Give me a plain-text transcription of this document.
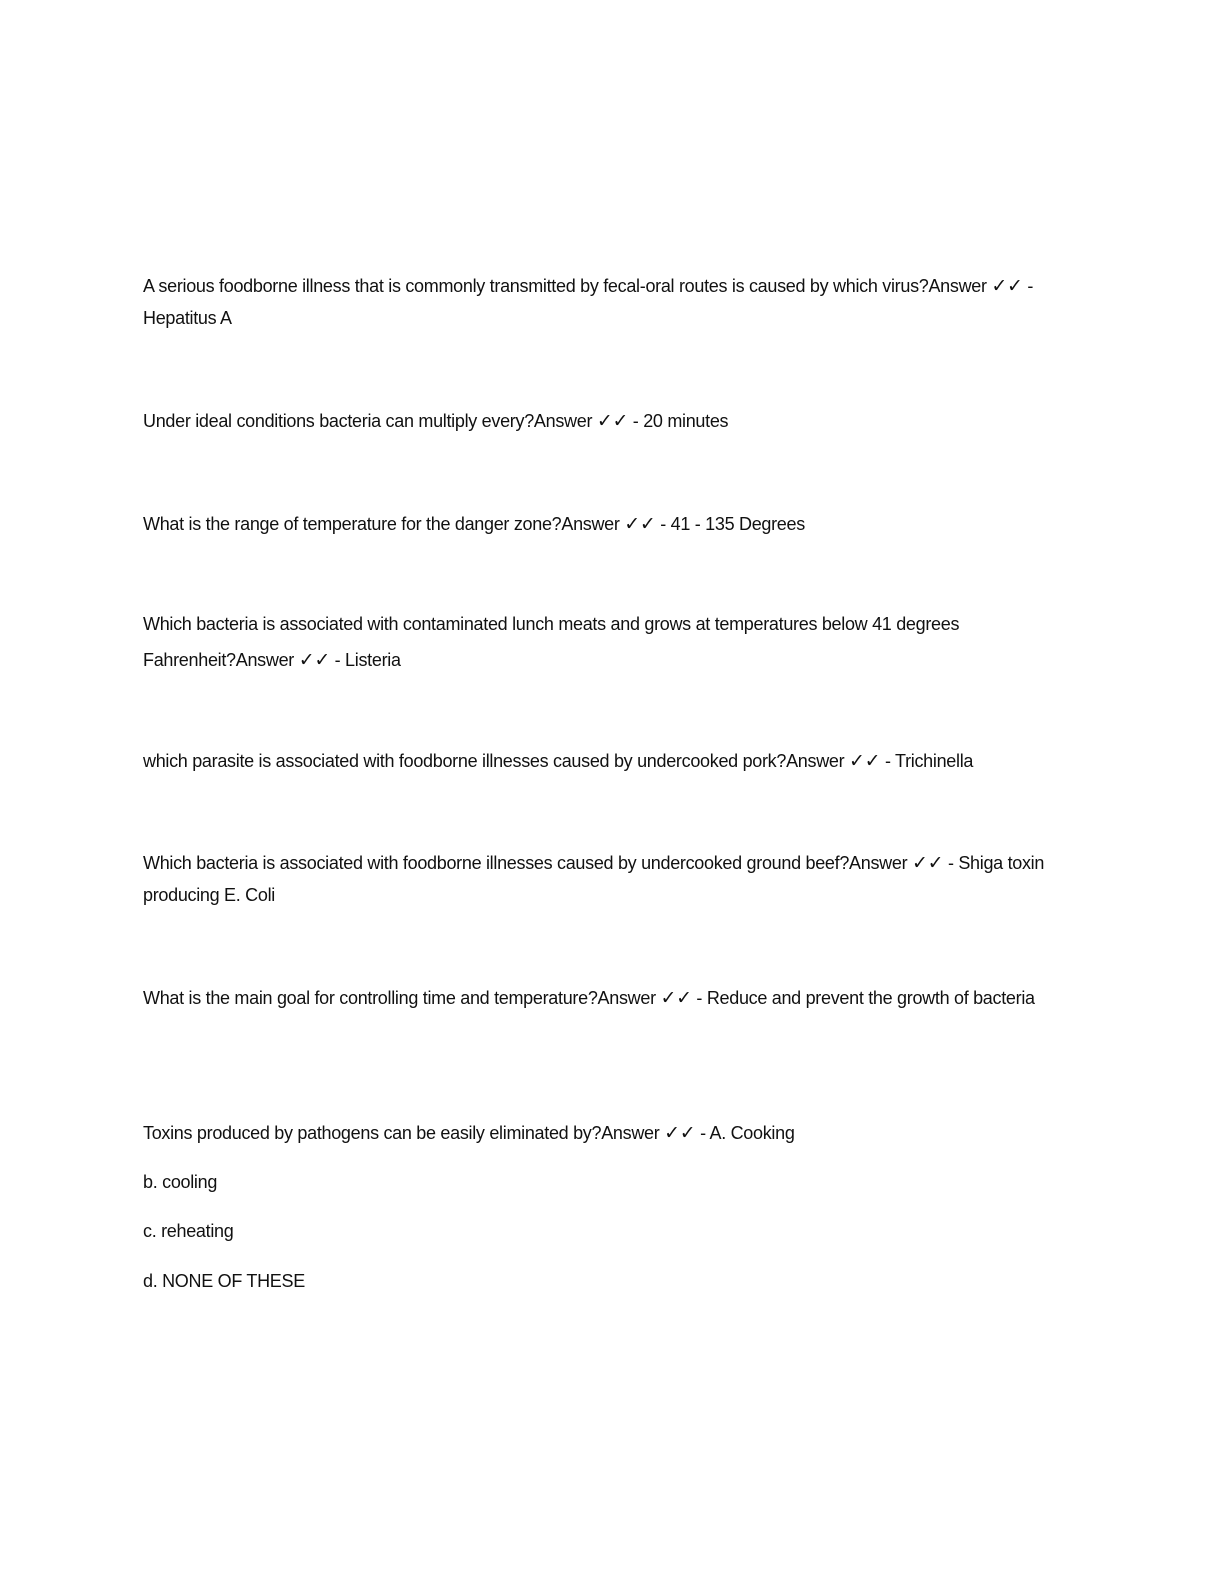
A serious foodborne illness that is commonly transmitted by fecal-oral routes is caused by which virus?Answer ✓✓ - Hepatitus A

Under ideal conditions bacteria can multiply every?Answer ✓✓ - 20 minutes

What is the range of temperature for the danger zone?Answer ✓✓ - 41 - 135 Degrees

Which bacteria is associated with contaminated lunch meats and grows at temperatures below 41 degrees Fahrenheit?Answer ✓✓ - Listeria

which parasite is associated with foodborne illnesses caused by undercooked pork?Answer ✓✓ - Trichinella

Which bacteria is associated with foodborne illnesses caused by undercooked ground beef?Answer ✓✓ - Shiga toxin producing E. Coli

What is the main goal for controlling time and temperature?Answer ✓✓ - Reduce and prevent the growth of bacteria

Toxins produced by pathogens can be easily eliminated by?Answer ✓✓ - A. Cooking

b. cooling

c. reheating

d. NONE OF THESE
